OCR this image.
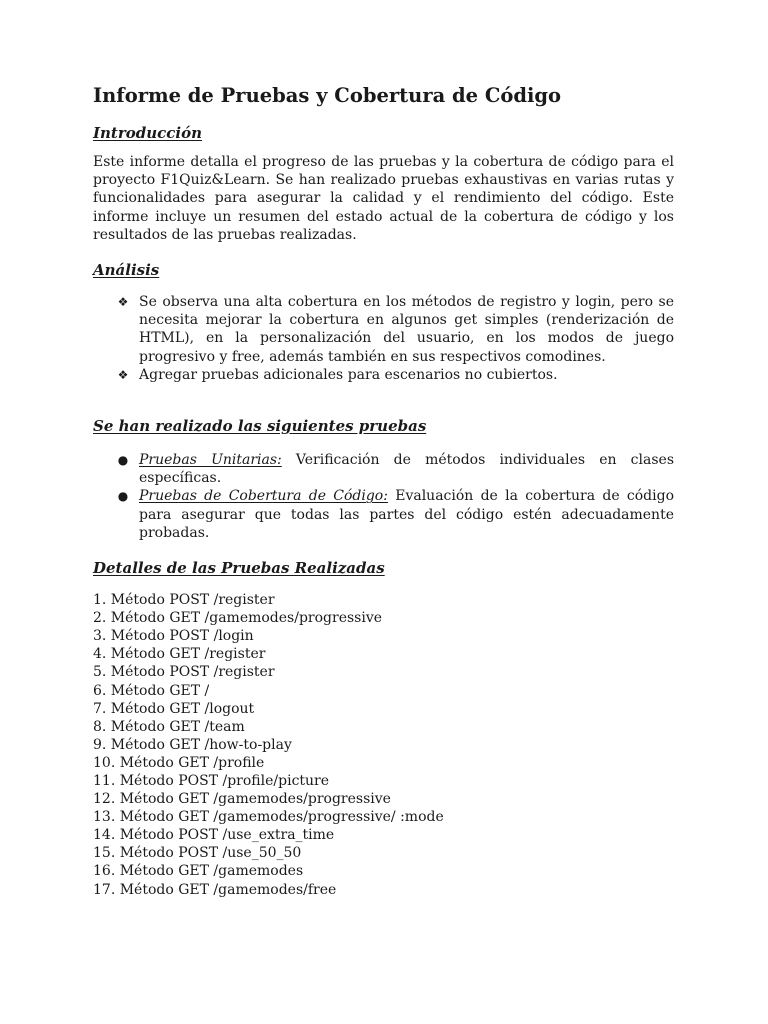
Informe de Pruebas y Cobertura de Código
Introducción

Este informe detalla el progreso de las pruebas y la cobertura de código para el proyecto F1Quiz&Learn. Se han realizado pruebas exhaustivas en varias rutas y funcionalidades para asegurar la calidad y el rendimiento del código. Este informe incluye un resumen del estado actual de la cobertura de código y los resultados de las pruebas realizadas.

Análisis
❖ Se observa una alta cobertura en los métodos de registro y login, pero se necesita mejorar la cobertura en algunos get simples (renderización de HTML), en la personalización del usuario, en los modos de juego progresivo y free, además también en sus respectivos comodines.
❖ Agregar pruebas adicionales para escenarios no cubiertos.
Se han realizado las siguientes pruebas
● Pruebas Unitarias: Verificación de métodos individuales en clases específicas.
● Pruebas de Cobertura de Código: Evaluación de la cobertura de código para asegurar que todas las partes del código estén adecuadamente probadas.
Detalles de las Pruebas Realizadas
1. Método POST /register
2. Método GET /gamemodes/progressive
3. Método POST /login
4. Método GET /register
5. Método POST /register
6. Método GET /
7. Método GET /logout
8. Método GET /team
9. Método GET /how-to-play
10. Método GET /profile
11. Método POST /profile/picture
12. Método GET /gamemodes/progressive
13. Método GET /gamemodes/progressive/ :mode
14. Método POST /use_extra_time
15. Método POST /use_50_50
16. Método GET /gamemodes
17. Método GET /gamemodes/free
